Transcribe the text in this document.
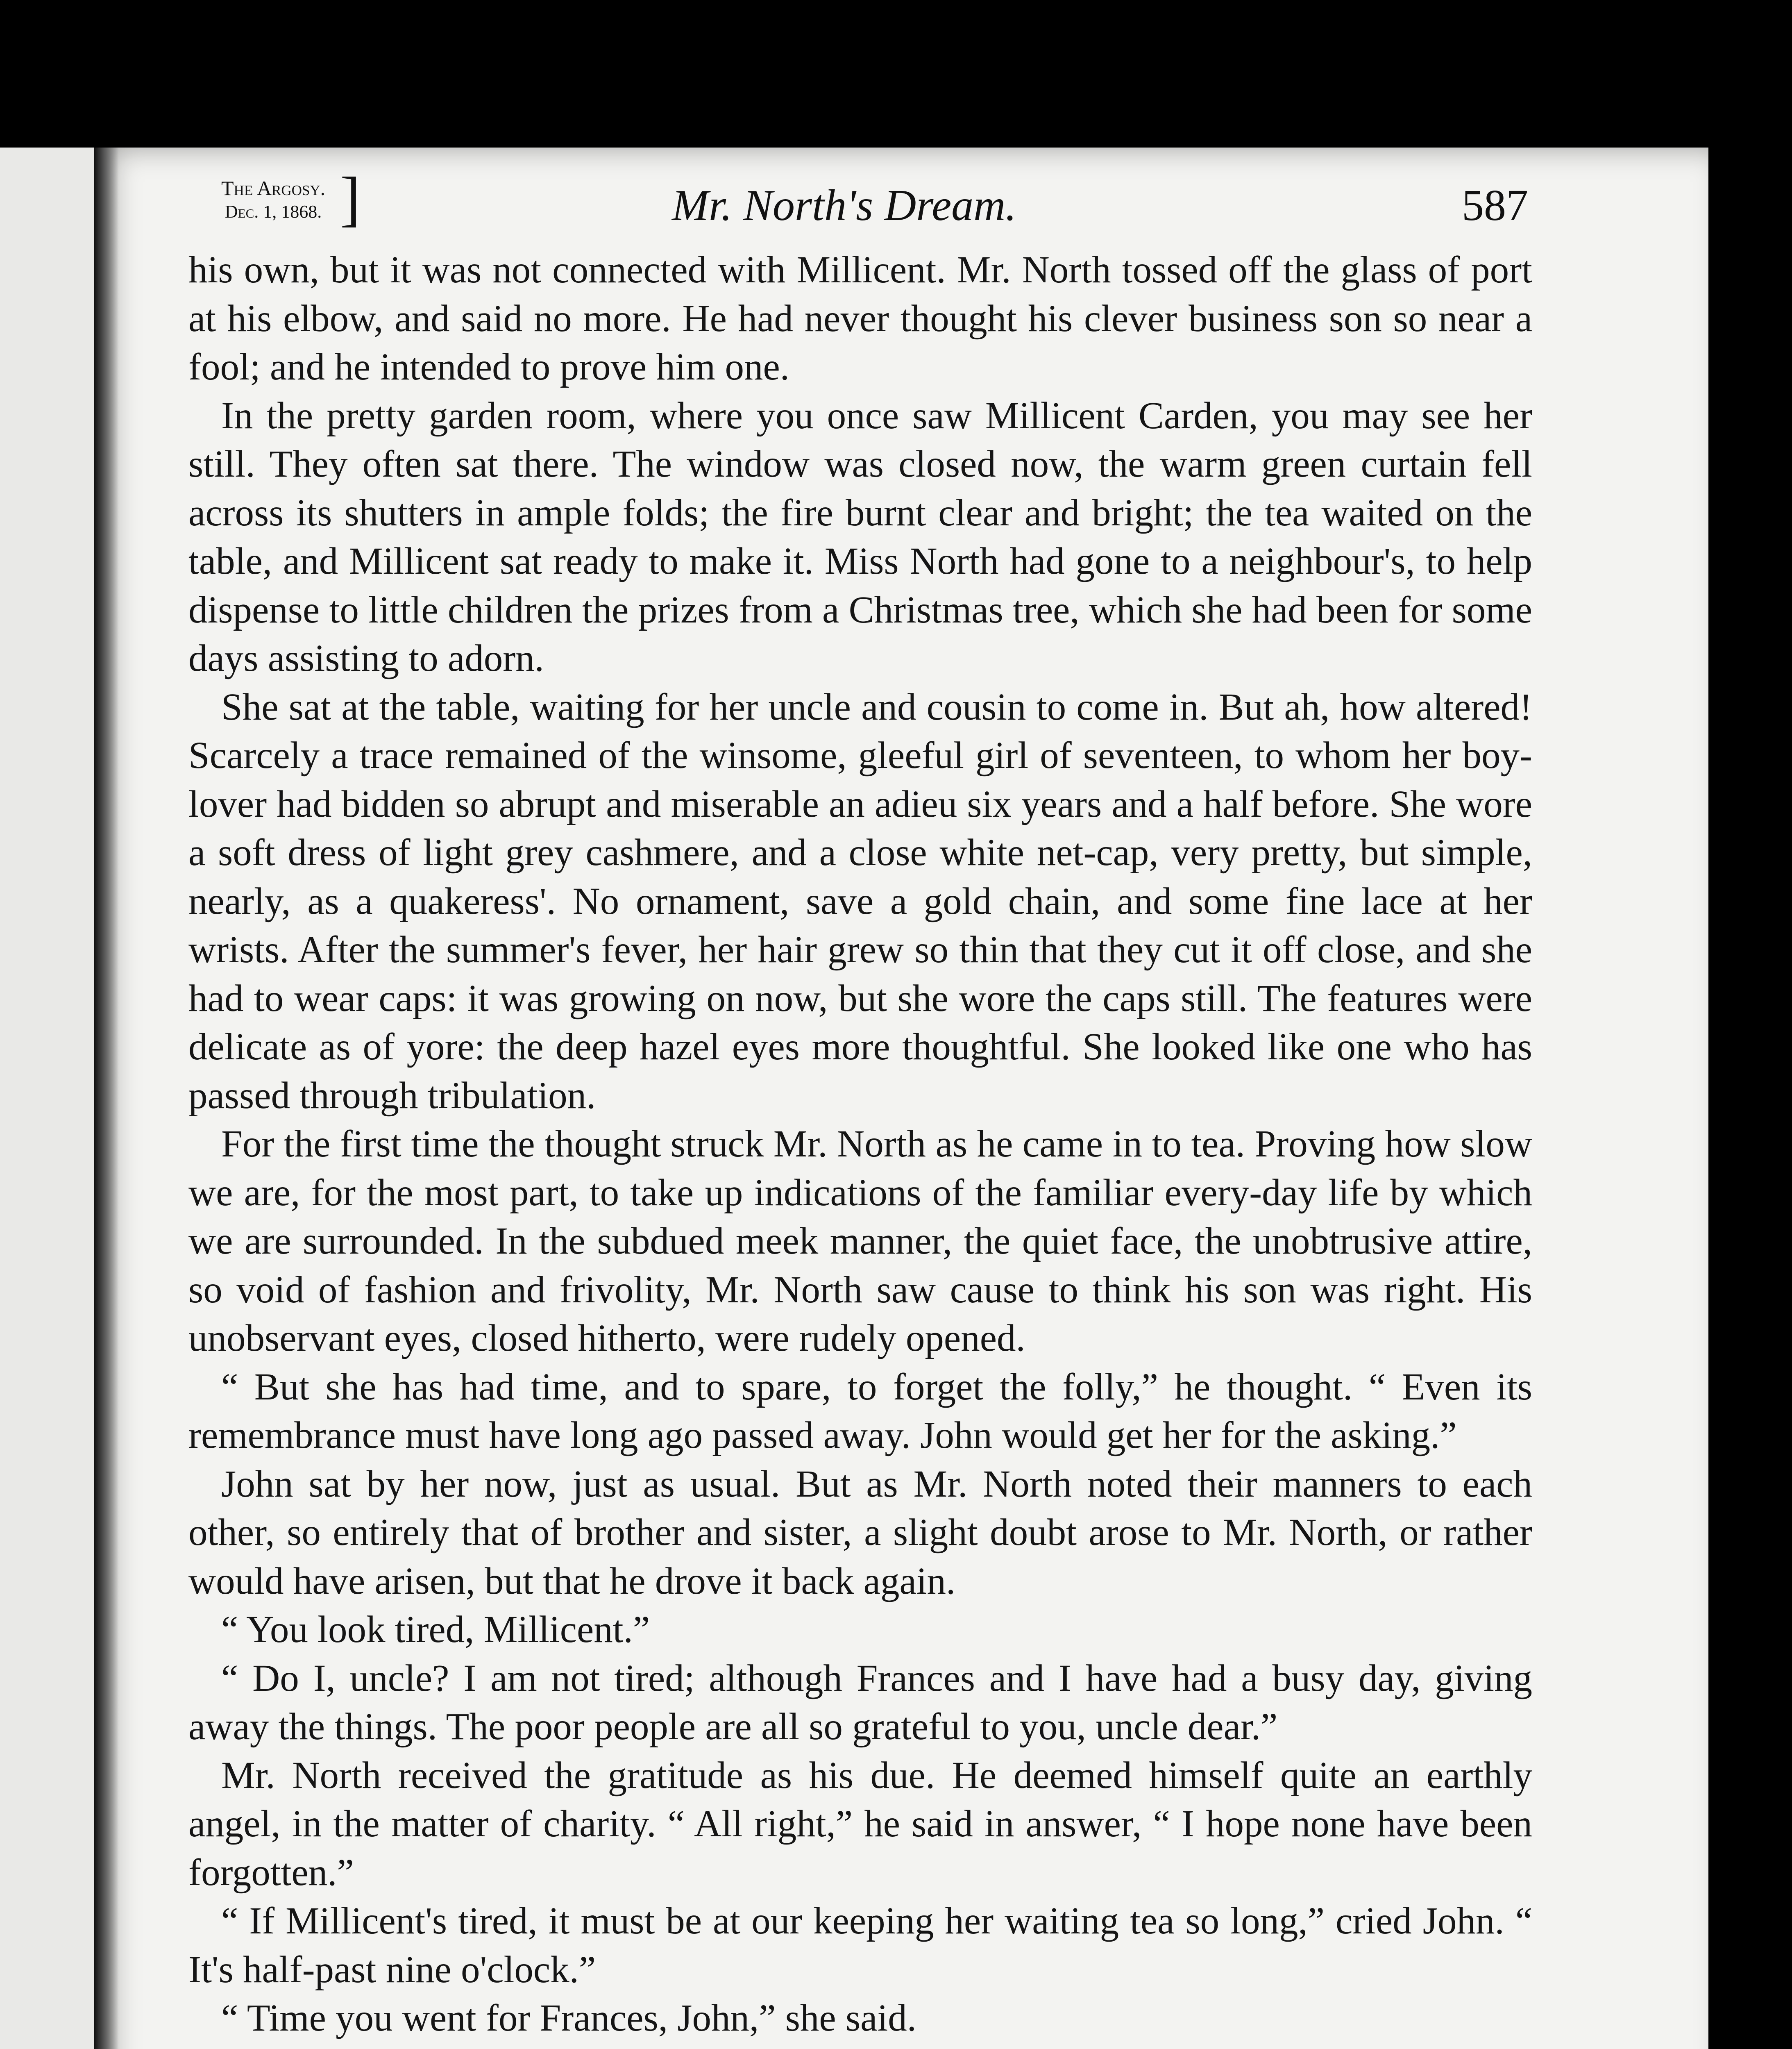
The Argosy.
Dec. 1, 1868. ]	Mr. North's Dream.	587

his own, but it was not connected with Millicent. Mr. North tossed off the glass of port at his elbow, and said no more. He had never thought his clever business son so near a fool; and he intended to prove him one.

In the pretty garden room, where you once saw Millicent Carden, you may see her still. They often sat there. The window was closed now, the warm green curtain fell across its shutters in ample folds; the fire burnt clear and bright; the tea waited on the table, and Millicent sat ready to make it. Miss North had gone to a neighbour's, to help dispense to little children the prizes from a Christmas tree, which she had been for some days assisting to adorn.

She sat at the table, waiting for her uncle and cousin to come in. But ah, how altered! Scarcely a trace remained of the winsome, gleeful girl of seventeen, to whom her boy-lover had bidden so abrupt and miserable an adieu six years and a half before. She wore a soft dress of light grey cashmere, and a close white net-cap, very pretty, but simple, nearly, as a quakeress'. No ornament, save a gold chain, and some fine lace at her wrists. After the summer's fever, her hair grew so thin that they cut it off close, and she had to wear caps: it was growing on now, but she wore the caps still. The features were delicate as of yore: the deep hazel eyes more thoughtful. She looked like one who has passed through tribulation.

For the first time the thought struck Mr. North as he came in to tea. Proving how slow we are, for the most part, to take up indications of the familiar every-day life by which we are surrounded. In the subdued meek manner, the quiet face, the unobtrusive attire, so void of fashion and frivolity, Mr. North saw cause to think his son was right. His unobservant eyes, closed hitherto, were rudely opened.

“ But she has had time, and to spare, to forget the folly,” he thought. “ Even its remembrance must have long ago passed away. John would get her for the asking.”

John sat by her now, just as usual. But as Mr. North noted their manners to each other, so entirely that of brother and sister, a slight doubt arose to Mr. North, or rather would have arisen, but that he drove it back again.

“ You look tired, Millicent.”

“ Do I, uncle? I am not tired; although Frances and I have had a busy day, giving away the things. The poor people are all so grateful to you, uncle dear.”

Mr. North received the gratitude as his due. He deemed himself quite an earthly angel, in the matter of charity. “ All right,” he said in answer, “ I hope none have been forgotten.”

“ If Millicent's tired, it must be at our keeping her waiting tea so long,” cried John. “ It's half-past nine o'clock.”

“ Time you went for Frances, John,” she said.
